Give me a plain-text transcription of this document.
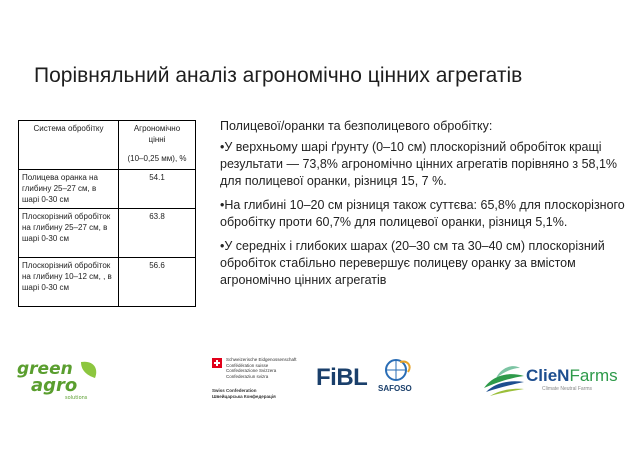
Порівняльний аналіз агрономічно цінних агрегатів
Система обробітку	Агрономічно
цінні
(10–0,25 мм), %

Полицева оранка на глибину 25–27 см, в шарі 0-30 см	54.1
Плоскорізний обробіток на глибину 25–27 см, в шарі 0-30 см	63.8
Плоскорізний обробіток на глибину 10–12 см, , в шарі 0-30 см	56.6

Полицевої/оранки та безполицевого обробітку:

•У верхньому шарі ґрунту (0–10 см) плоскорізний обробіток кращі результати — 73,8% агрономічно цінних агрегатів порівняно з 58,1% для полицевої оранки, різниця 15, 7 %.

•На глибині 10–20 см різниця також суттєва: 65,8% для плоскорізного обробітку проти 60,7% для полицевої оранки, різниця 5,1%.

•У середніх і глибоких шарах (20–30 см та 30–40 см) плоскорізний обробіток стабільно перевершує полицеву оранку за вмістом агрономічно цінних агрегатів

green
agro
solutions
Schweizerische Eidgenossenschaft
Confédération suisse
Confederazione Svizzera
Confederaziun svizra
Swiss Confederation
Швейцарська Конфедерація
FiBL SAFOSO
ClieNFarms
Climate Neutral Farms
